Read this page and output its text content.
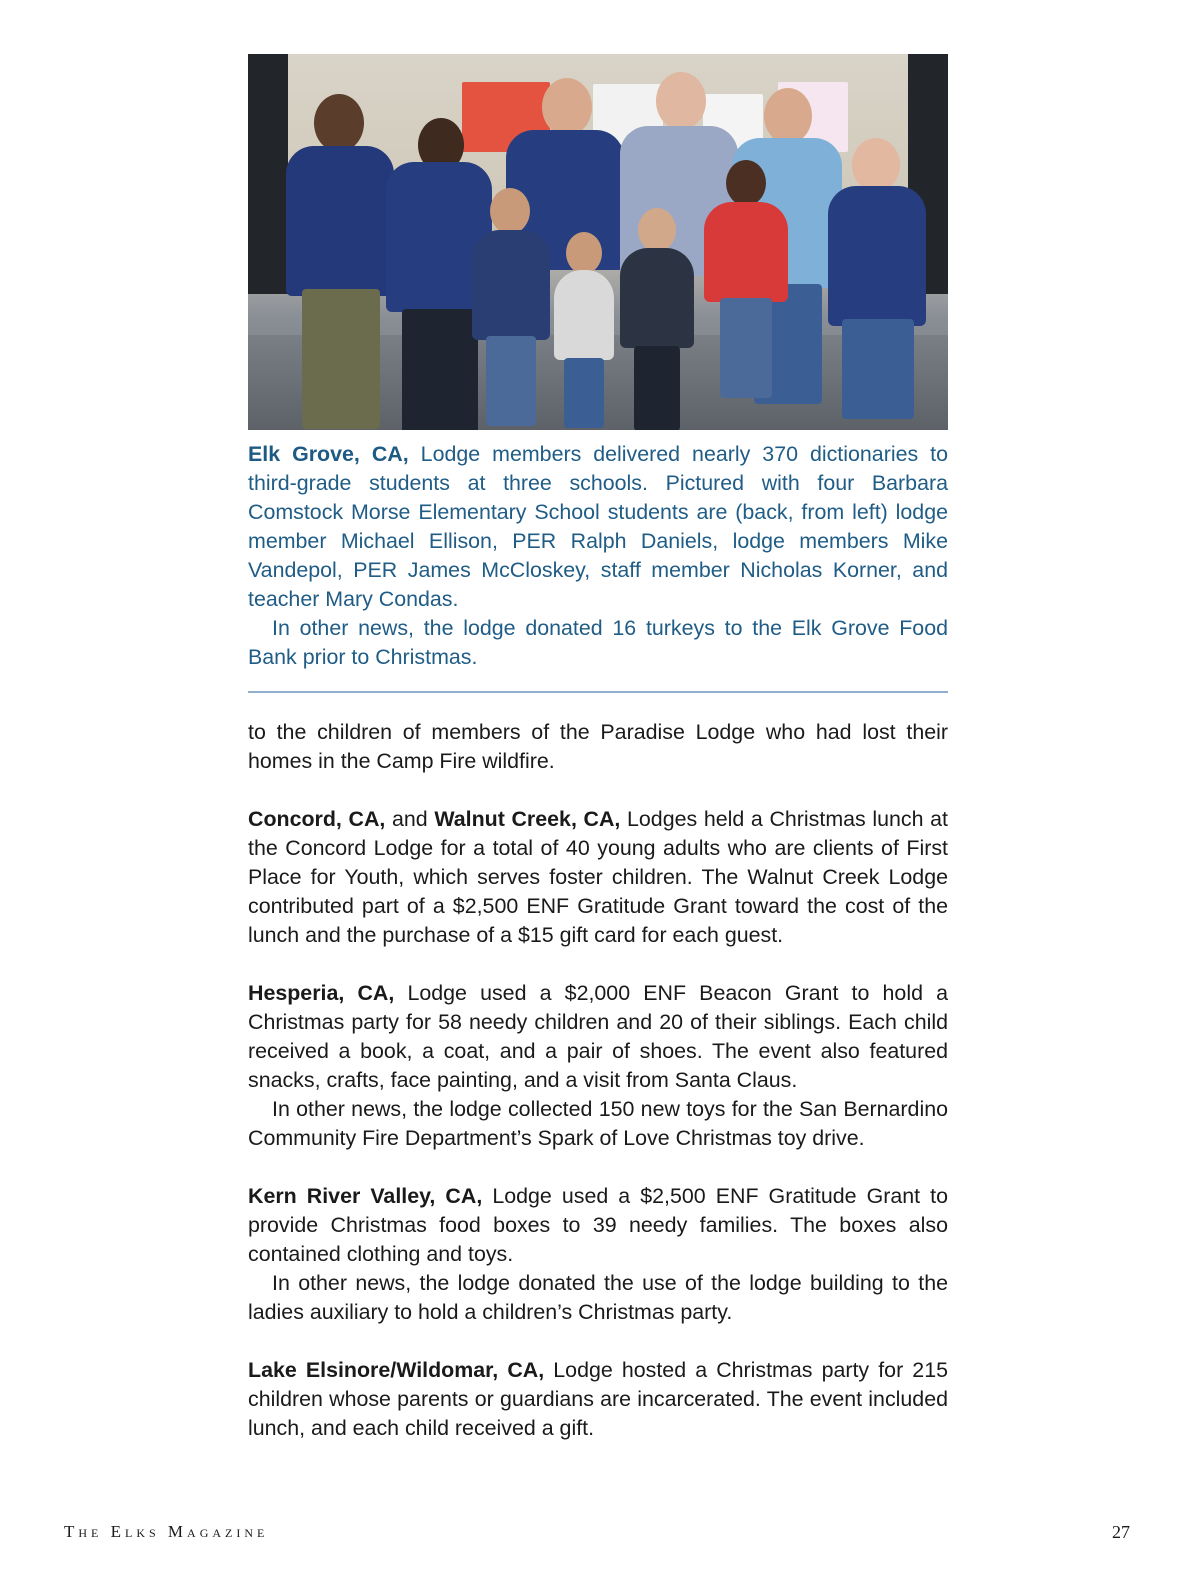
Elk Grove, CA, Lodge members delivered nearly 370 dictionaries to third-grade students at three schools. Pictured with four Barbara Comstock Morse Elementary School students are (back, from left) lodge member Michael Ellison, PER Ralph Daniels, lodge members Mike Vandepol, PER James McCloskey, staff member Nicholas Korner, and teacher Mary Condas.

In other news, the lodge donated 16 turkeys to the Elk Grove Food Bank prior to Christmas.

to the children of members of the Paradise Lodge who had lost their homes in the Camp Fire wildfire.

Concord, CA, and Walnut Creek, CA, Lodges held a Christmas lunch at the Concord Lodge for a total of 40 young adults who are clients of First Place for Youth, which serves foster children. The Walnut Creek Lodge contributed part of a $2,500 ENF Gratitude Grant toward the cost of the lunch and the purchase of a $15 gift card for each guest.

Hesperia, CA, Lodge used a $2,000 ENF Beacon Grant to hold a Christmas party for 58 needy children and 20 of their siblings. Each child received a book, a coat, and a pair of shoes. The event also featured snacks, crafts, face painting, and a visit from Santa Claus.

In other news, the lodge collected 150 new toys for the San Bernardino Community Fire Department’s Spark of Love Christmas toy drive.

Kern River Valley, CA, Lodge used a $2,500 ENF Gratitude Grant to provide Christmas food boxes to 39 needy families. The boxes also contained clothing and toys.

In other news, the lodge donated the use of the lodge building to the ladies auxiliary to hold a children’s Christmas party.

Lake Elsinore/Wildomar, CA, Lodge hosted a Christmas party for 215 children whose parents or guardians are incarcerated. The event included lunch, and each child received a gift.

The Elks Magazine	27
